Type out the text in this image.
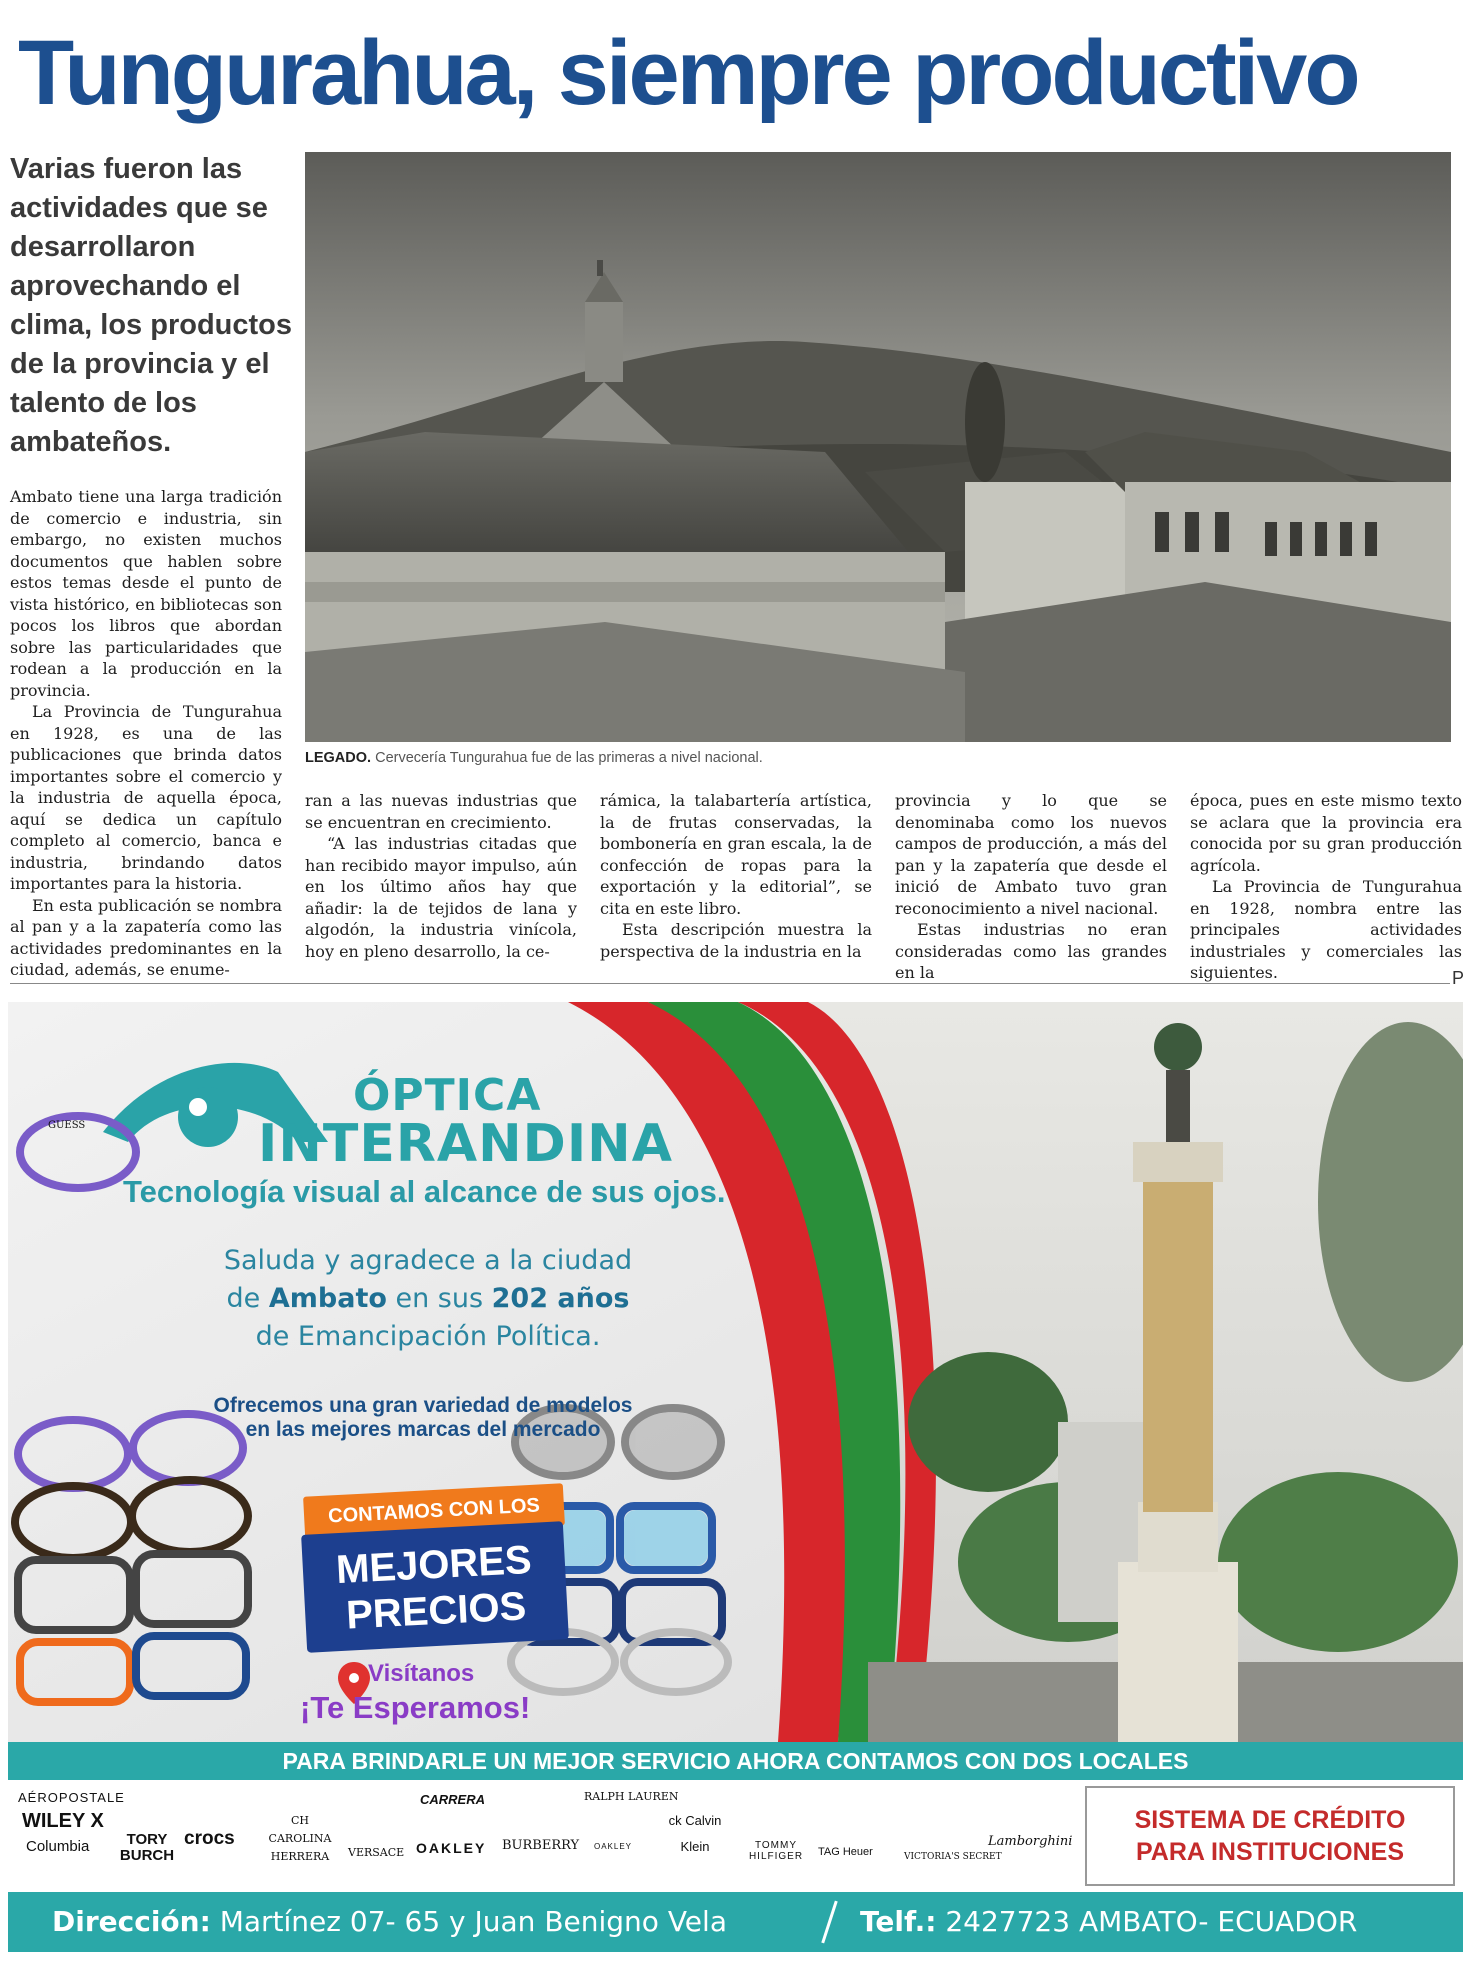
Tungurahua, siempre productivo
Varias fueron las actividades que se desarrollaron aprovechando el clima, los productos de la provincia y el talento de los ambateños.

Ambato tiene una larga tradición de comercio e industria, sin embargo, no existen muchos documentos que hablen sobre estos temas desde el punto de vista histórico, en bibliotecas son pocos los libros que abordan sobre las particularidades que rodean a la producción en la provincia.

La Provincia de Tungurahua en 1928, es una de las publicaciones que brinda datos importantes sobre el comercio y la industria de aquella época, aquí se dedica un capítulo completo al comercio, banca e industria, brindando datos importantes para la historia.

En esta publicación se nombra al pan y a la zapatería como las actividades predominantes en la ciudad, además, se enume-

ran a las nuevas industrias que se encuentran en crecimiento.

“A las industrias citadas que han recibido mayor impulso, aún en los último años hay que añadir: la de tejidos de lana y algodón, la industria vinícola, hoy en pleno desarrollo, la ce-

rámica, la talabartería artística, la de frutas conservadas, la bombonería en gran escala, la de confección de ropas para la exportación y la editorial”, se cita en este libro.

Esta descripción muestra la perspectiva de la industria en la

provincia y lo que se denominaba como los nuevos campos de producción, a más del pan y la zapatería que desde el inició de Ambato tuvo gran reconocimiento a nivel nacional.

Estas industrias no eran consideradas como las grandes en la

época, pues en este mismo texto se aclara que la provincia era conocida por su gran producción agrícola.

La Provincia de Tungurahua en 1928, nombra entre las principales actividades industriales y comerciales las siguientes.

LEGADO. Cervecería Tungurahua fue de las primeras a nivel nacional.
P
ÓPTICA
INTERANDINA
Tecnología visual al alcance de sus ojos.
Saluda y agradece a la ciudad
de Ambato en sus 202 años
de Emancipación Política.
Ofrecemos una gran variedad de modelos en las mejores marcas del mercado
CONTAMOS CON LOS
MEJORES
PRECIOS
Visítanos
¡Te Esperamos!
GUESS
PARA BRINDARLE UN MEJOR SERVICIO AHORA CONTAMOS CON DOS LOCALES
AÉROPOSTALE
WILEY X
Columbia	TORY BURCH
crocs
CH CAROLINA HERRERA	VERSACE
CARRERA
OAKLEY BURBERRY
RALPH LAUREN
OAKLEY
ck Calvin Klein	TOMMY HILFIGER TAG Heuer	VICTORIA'S SECRET
Lamborghini
SISTEMA DE CRÉDITO
PARA INSTITUCIONES
Dirección: Martínez 07- 65 y Juan Benigno Vela	Telf.: 2427723 AMBATO- ECUADOR
